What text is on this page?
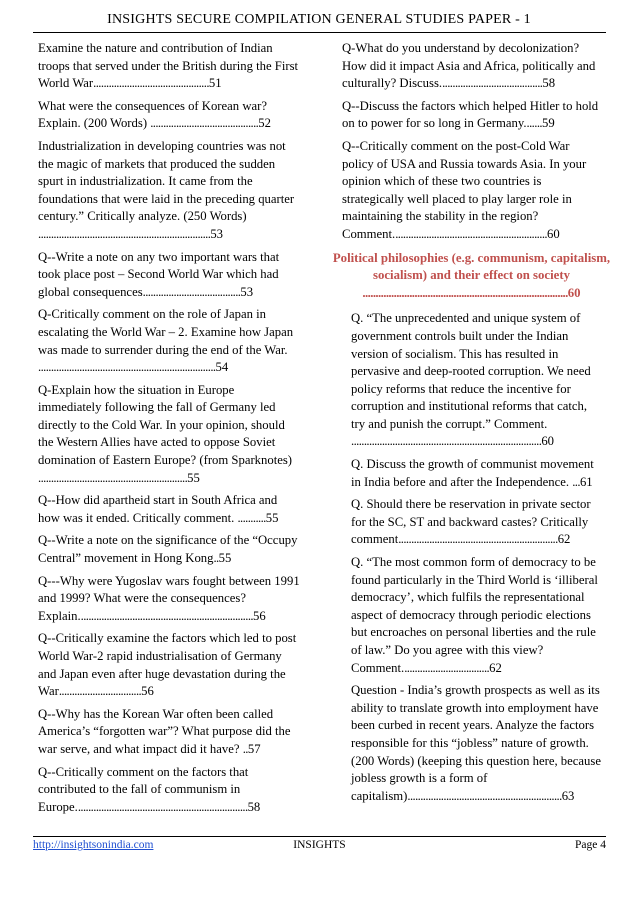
INSIGHTS SECURE COMPILATION GENERAL STUDIES PAPER - 1
Examine the nature and contribution of Indian troops that served under the British during the First World War.............................................51
What were the consequences of Korean war? Explain. (200 Words) ..........................................52
Industrialization in developing countries was not the magic of markets that produced the sudden spurt in industrialization. It came from the foundations that were laid in the preceding quarter century.” Critically analyze. (250 Words) ...................................................................53
Q--Write a note on any two important wars that took place post – Second World War which had global consequences......................................53
Q-Critically comment on the role of Japan in escalating the World War – 2. Examine how Japan was made to surrender during the end of the War. .....................................................................54
Q-Explain how the situation in Europe immediately following the fall of Germany led directly to the Cold War. In your opinion, should the Western Allies have acted to oppose Soviet domination of Eastern Europe? (from Sparknotes) ..........................................................55
Q--How did apartheid start in South Africa and how was it ended. Critically comment. ...........55
Q--Write a note on the significance of the “Occupy Central” movement in Hong Kong..55
Q---Why were Yugoslav wars fought between 1991 and 1999? What were the consequences? Explain....................................................................56
Q--Critically examine the factors which led to post World War-2 rapid industrialisation of Germany and Japan even after huge devastation during the War................................56
Q--Why has the Korean War often been called America’s “forgotten war”? What purpose did the war serve, and what impact did it have? ..57
Q--Critically comment on the factors that contributed to the fall of communism in Europe...................................................................58
Q-What do you understand by decolonization? How did it impact Asia and Africa, politically and culturally? Discuss........................................58
Q--Discuss the factors which helped Hitler to hold on to power for so long in Germany.......59
Q--Critically comment on the post-Cold War policy of USA and Russia towards Asia. In your opinion which of these two countries is strategically well placed to play larger role in maintaining the stability in the region? Comment............................................................60
Political philosophies (e.g. communism, capitalism, socialism) and their effect on society
...............................................................................60
Q. “The unprecedented and unique system of government controls built under the Indian version of socialism. This has resulted in pervasive and deep-rooted corruption. We need policy reforms that reduce the incentive for corruption and institutional reforms that catch, try and punish the corrupt.” Comment. ..........................................................................60
Q. Discuss the growth of communist movement in India before and after the Independence. ...61
Q. Should there be reservation in private sector for the SC, ST and backward castes? Critically comment..............................................................62
Q. “The most common form of democracy to be found particularly in the Third World is ‘illiberal democracy’, which fulfils the representational aspect of democracy through periodic elections but encroaches on personal liberties and the rule of law.” Do you agree with this view? Comment..................................62
Question - India’s growth prospects as well as its ability to translate growth into employment have been curbed in recent years. Analyze the factors responsible for this “jobless” nature of growth. (200 Words) (keeping this question here, because jobless growth is a form of capitalism)............................................................63
http://insightsonindia.com	INSIGHTS	Page 4
